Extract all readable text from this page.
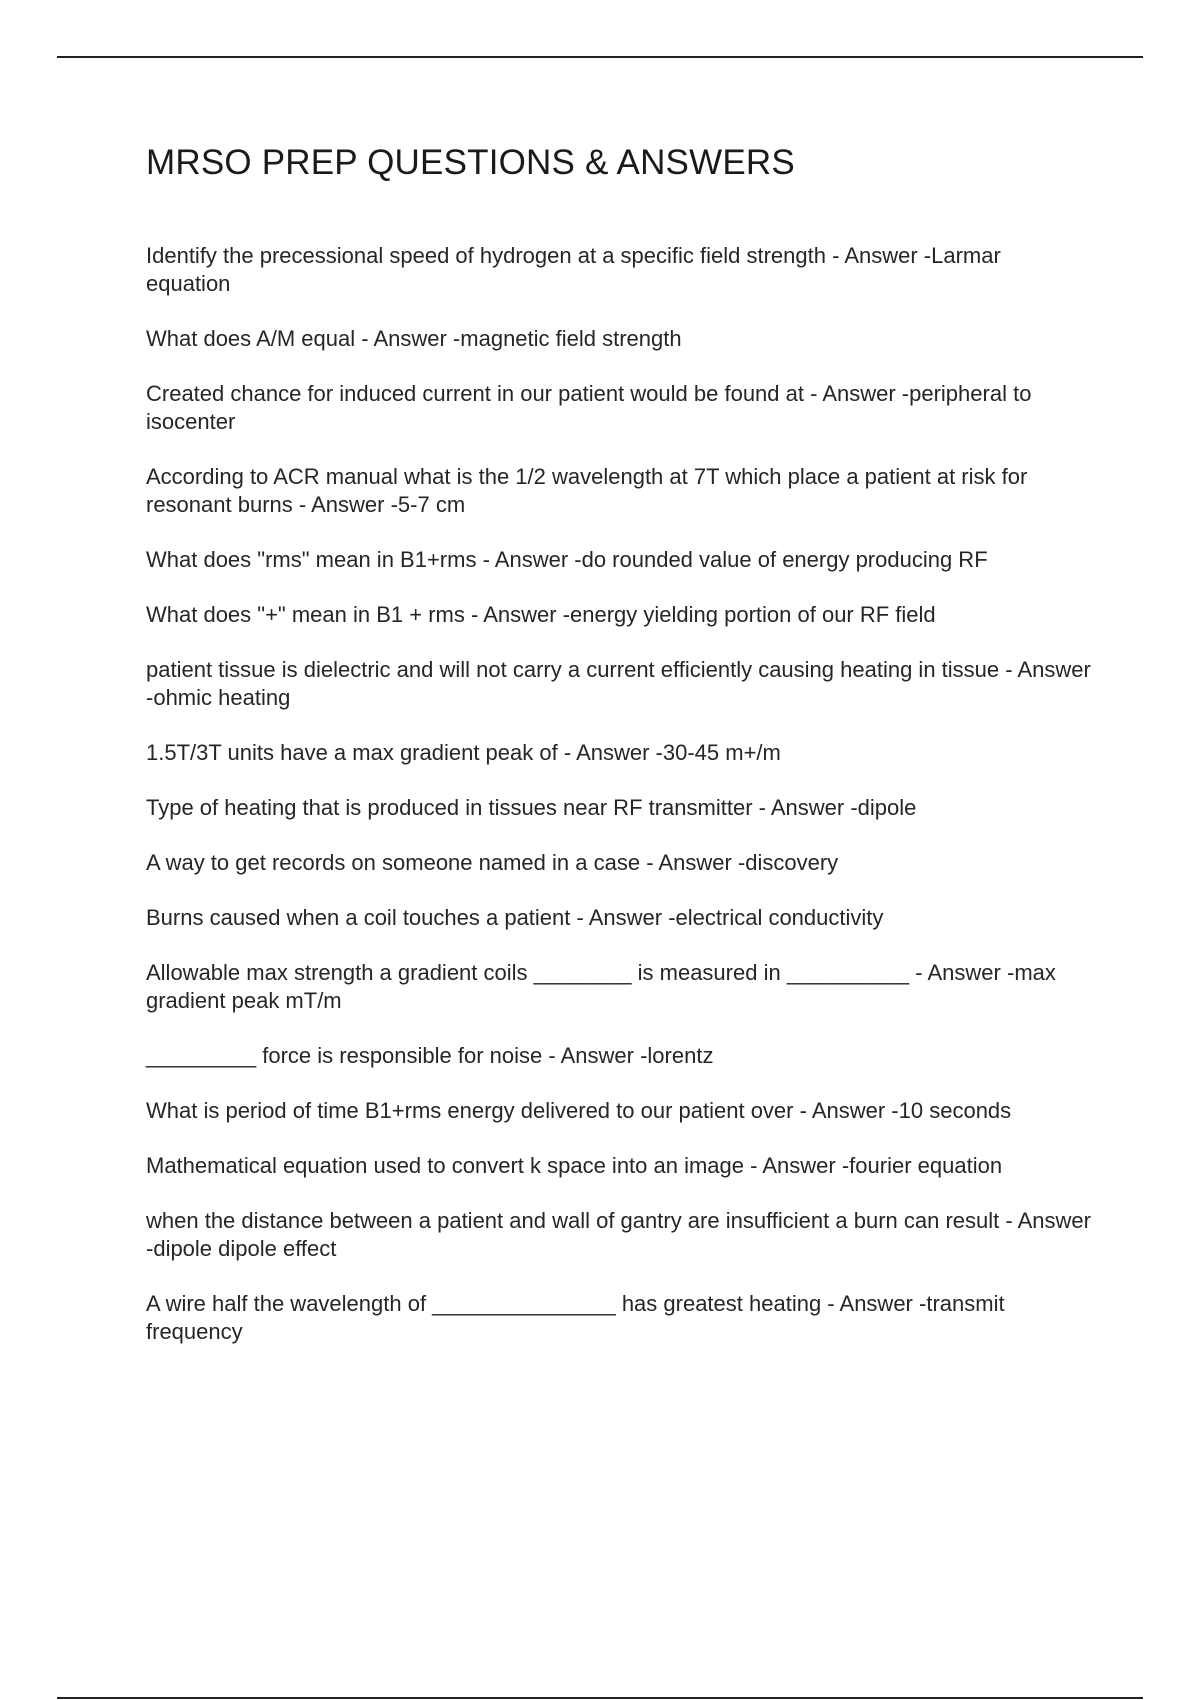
MRSO PREP QUESTIONS & ANSWERS
Identify the precessional speed of hydrogen at a specific field strength - Answer -Larmar equation
What does A/M equal - Answer -magnetic field strength
Created chance for induced current in our patient would be found at - Answer -peripheral to isocenter
According to ACR manual what is the 1/2 wavelength at 7T which place a patient at risk for resonant burns - Answer -5-7 cm
What does "rms" mean in B1+rms - Answer -do rounded value of energy producing RF
What does "+" mean in B1 + rms - Answer -energy yielding portion of our RF field
patient tissue is dielectric and will not carry a current efficiently causing heating in tissue - Answer -ohmic heating
1.5T/3T units have a max gradient peak of - Answer -30-45 m+/m
Type of heating that is produced in tissues near RF transmitter - Answer -dipole
A way to get records on someone named in a case - Answer -discovery
Burns caused when a coil touches a patient - Answer -electrical conductivity
Allowable max strength a gradient coils ________ is measured in __________ - Answer -max gradient peak mT/m
_________ force is responsible for noise - Answer -lorentz
What is period of time B1+rms energy delivered to our patient over - Answer -10 seconds
Mathematical equation used to convert k space into an image - Answer -fourier equation
when the distance between a patient and wall of gantry are insufficient a burn can result - Answer -dipole dipole effect
A wire half the wavelength of _______________ has greatest heating - Answer -transmit frequency
